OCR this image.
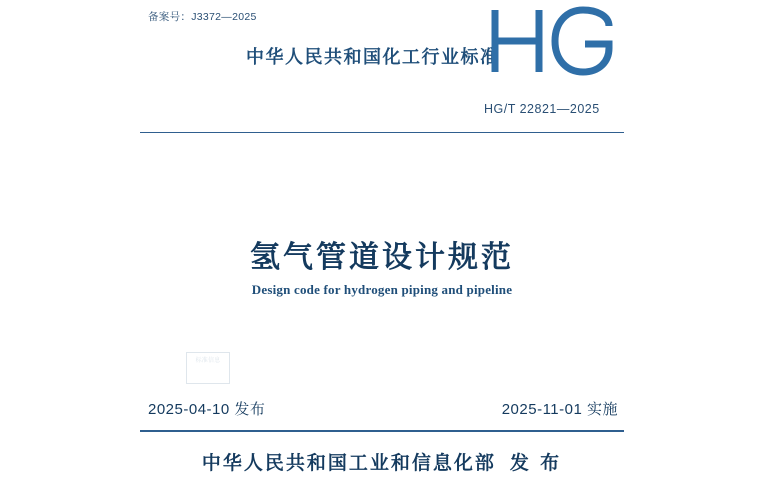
备案号：J3372—2025
中华人民共和国化工行业标准
HG/T 22821—2025
氢气管道设计规范
Design code for hydrogen piping and pipeline
标准信息
2025-04-10 发布	2025-11-01 实施
中华人民共和国工业和信息化部 发 布
